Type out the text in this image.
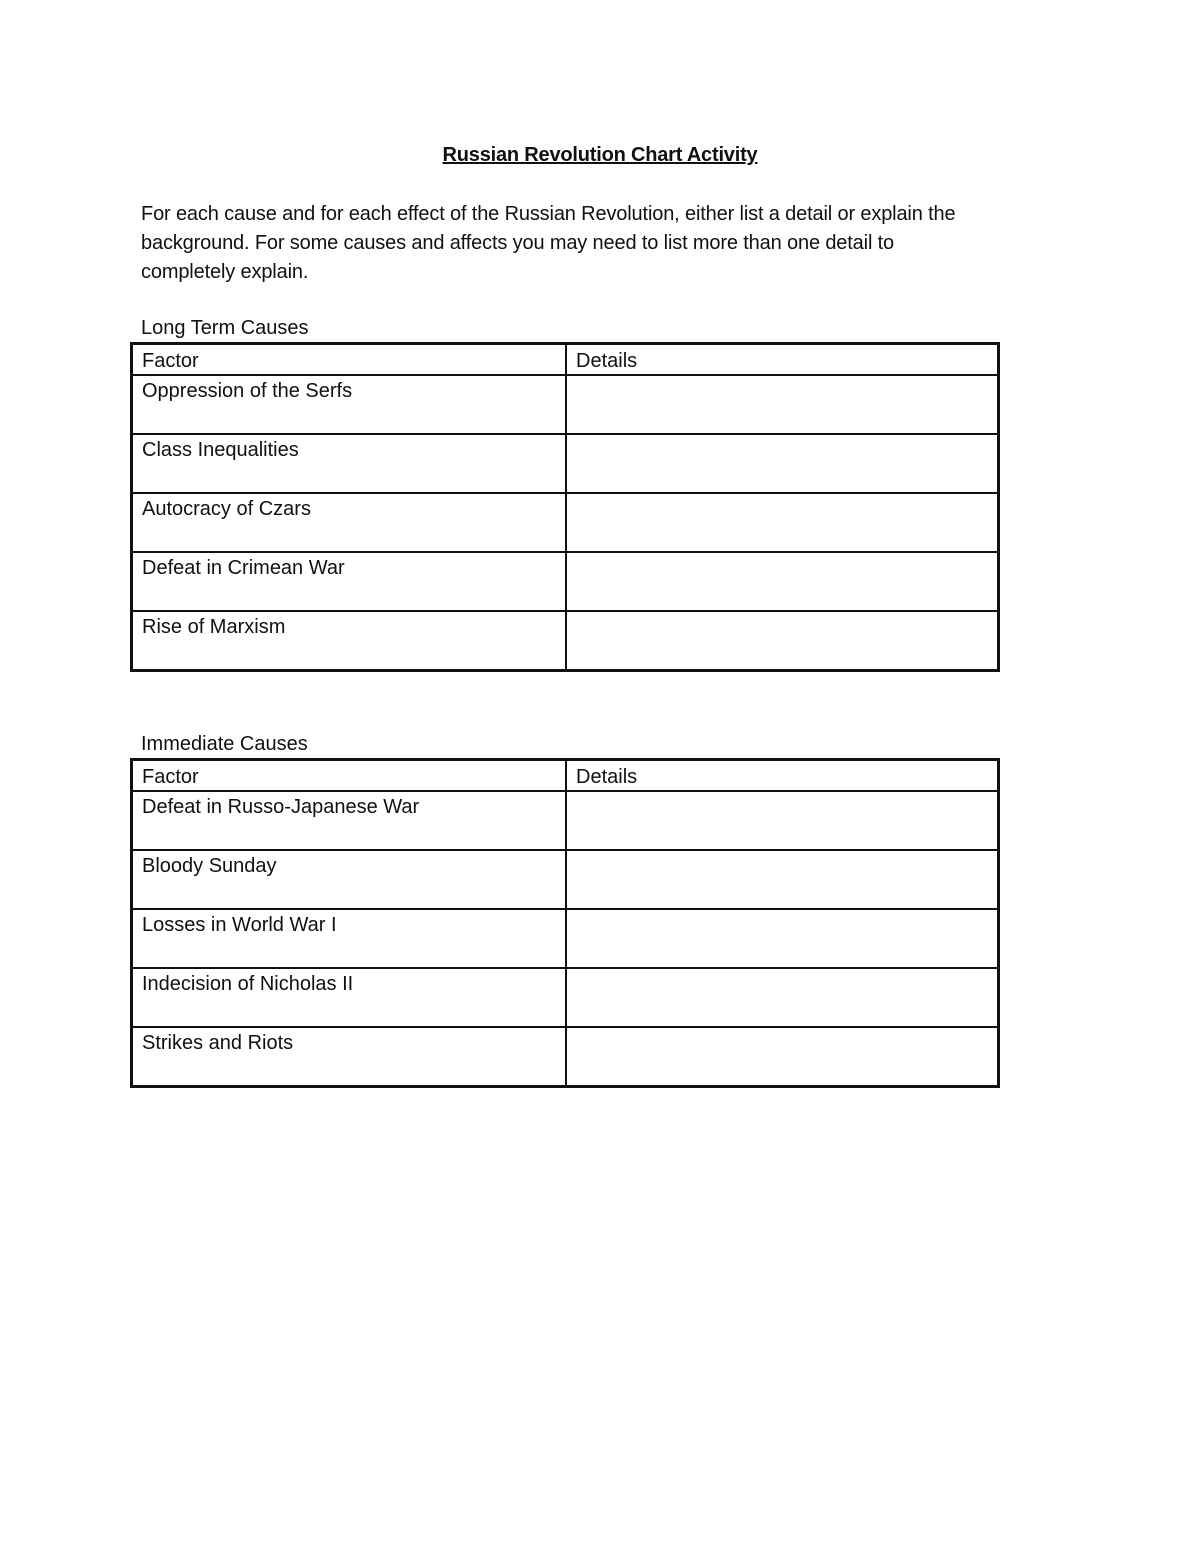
Russian Revolution Chart Activity
For each cause and for each effect of the Russian Revolution, either list a detail or explain the
background. For some causes and affects you may need to list more than one detail to
completely explain.
Long Term Causes
Factor	Details
Oppression of the Serfs
Class Inequalities
Autocracy of Czars
Defeat in Crimean War
Rise of Marxism
Immediate Causes
Factor	Details
Defeat in Russo-Japanese War
Bloody Sunday
Losses in World War I
Indecision of Nicholas II
Strikes and Riots
